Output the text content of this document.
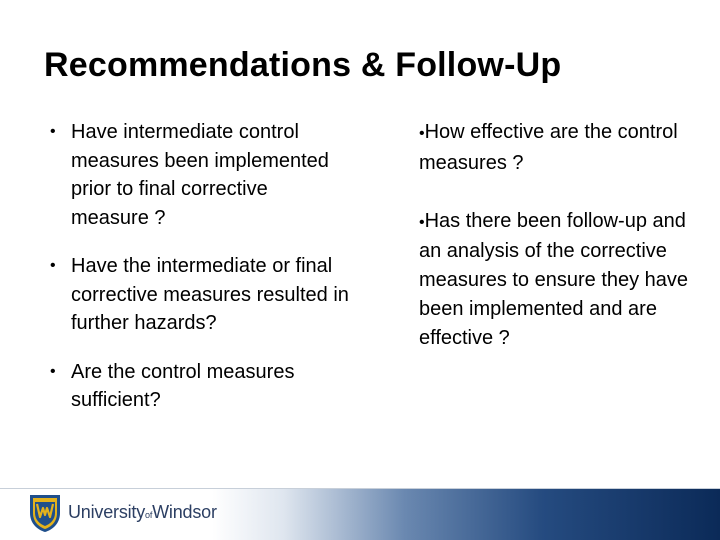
Recommendations & Follow-Up
• Have intermediate control measures been implemented prior to final corrective measure ?
• Have the intermediate or final corrective measures resulted in further hazards?
• Are the control measures sufficient?
•How effective are the control measures ?
•Has there been follow-up and an analysis of the corrective measures to ensure they have been implemented and are effective ?
UniversityofWindsor
